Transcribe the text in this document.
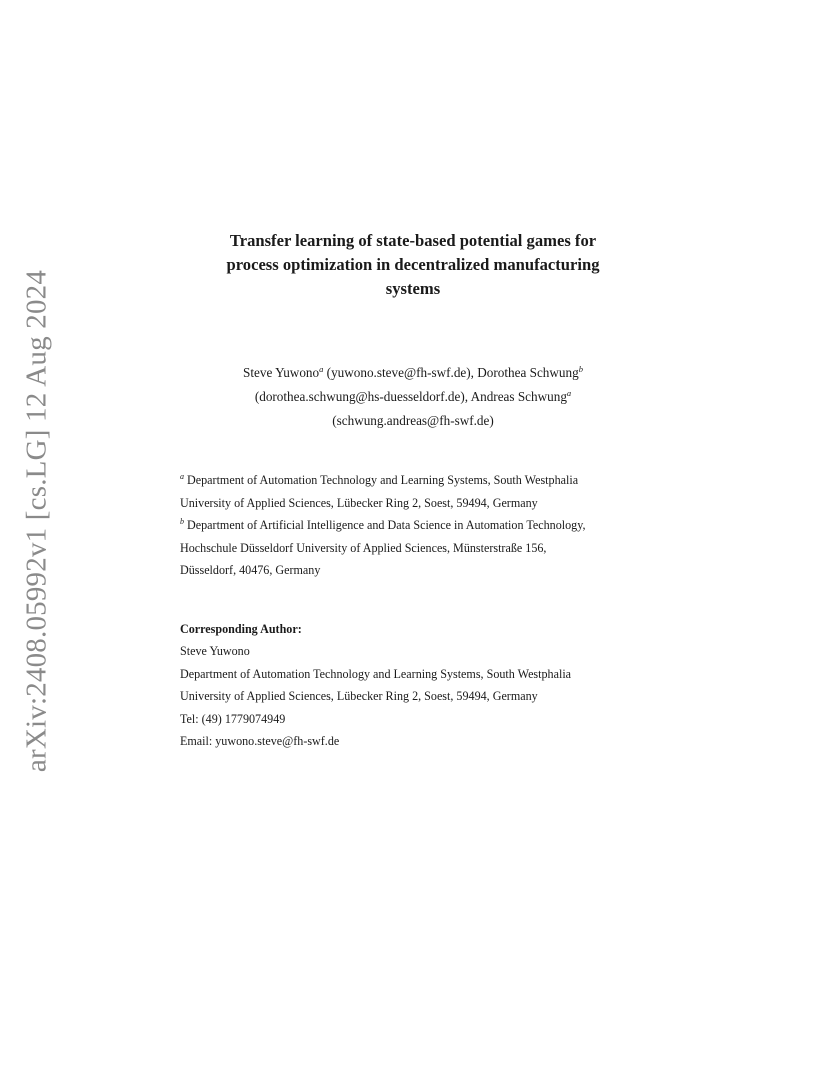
arXiv:2408.05992v1 [cs.LG] 12 Aug 2024
Transfer learning of state-based potential games for
process optimization in decentralized manufacturing
systems
Steve Yuwono$^a$ (yuwono.steve@fh-swf.de), Dorothea Schwung$^b$
(dorothea.schwung@hs-duesseldorf.de), Andreas Schwung$^a$
(schwung.andreas@fh-swf.de)
$^a$ Department of Automation Technology and Learning Systems, South Westphalia
University of Applied Sciences, Lübecker Ring 2, Soest, 59494, Germany
$^b$ Department of Artificial Intelligence and Data Science in Automation Technology,
Hochschule Düsseldorf University of Applied Sciences, Münsterstraße 156,
Düsseldorf, 40476, Germany
Corresponding Author:
Steve Yuwono
Department of Automation Technology and Learning Systems, South Westphalia
University of Applied Sciences, Lübecker Ring 2, Soest, 59494, Germany
Tel: (49) 1779074949
Email: yuwono.steve@fh-swf.de
